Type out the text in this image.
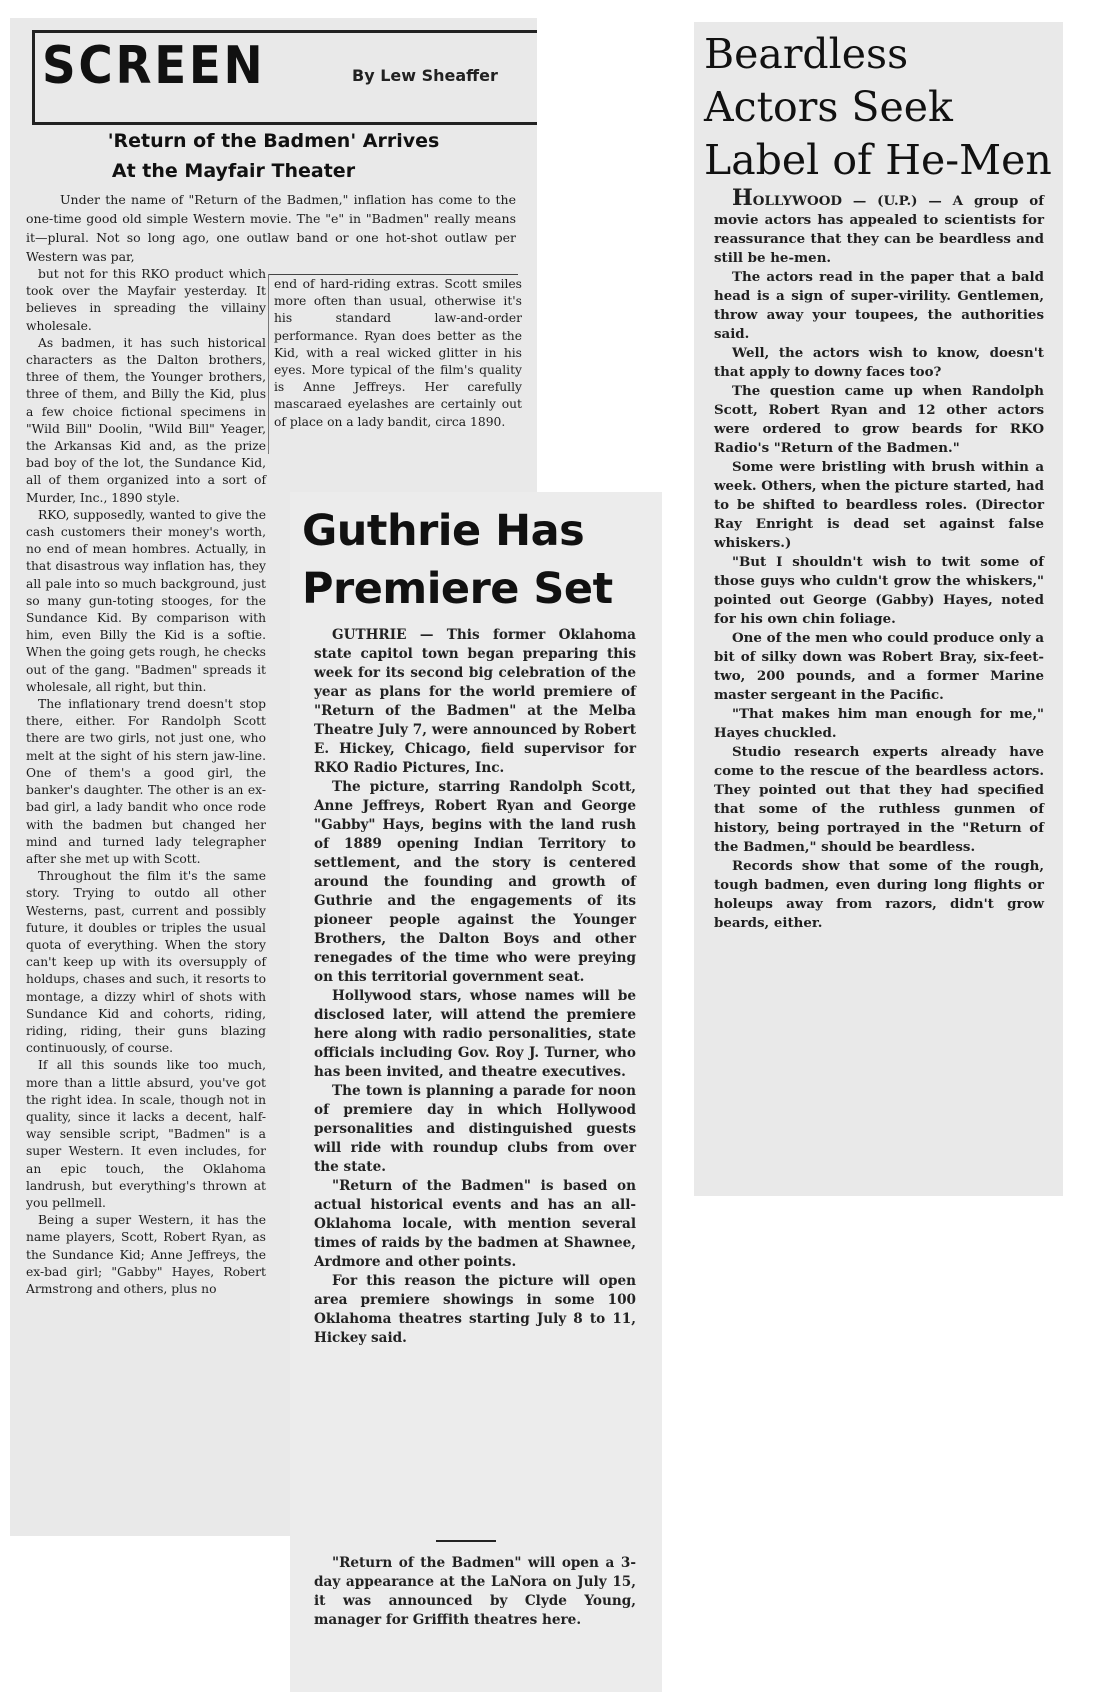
SCREEN	By Lew Sheaffer
'Return of the Badmen' Arrives
At the Mayfair Theater

Under the name of "Return of the Badmen," inflation has come to the one-time good old simple Western movie. The "e" in "Badmen" really means it—plural. Not so long ago, one outlaw band or one hot-shot outlaw per Western was par,

but not for this RKO product which took over the Mayfair yesterday. It believes in spreading the villainy wholesale.

As badmen, it has such historical characters as the Dalton brothers, three of them, the Younger brothers, three of them, and Billy the Kid, plus a few choice fictional specimens in "Wild Bill" Doolin, "Wild Bill" Yeager, the Arkansas Kid and, as the prize bad boy of the lot, the Sundance Kid, all of them organized into a sort of Murder, Inc., 1890 style.

RKO, supposedly, wanted to give the cash customers their money's worth, no end of mean hombres. Actually, in that disastrous way inflation has, they all pale into so much background, just so many gun-toting stooges, for the Sundance Kid. By comparison with him, even Billy the Kid is a softie. When the going gets rough, he checks out of the gang. "Badmen" spreads it wholesale, all right, but thin.

The inflationary trend doesn't stop there, either. For Randolph Scott there are two girls, not just one, who melt at the sight of his stern jaw-line. One of them's a good girl, the banker's daughter. The other is an ex-bad girl, a lady bandit who once rode with the badmen but changed her mind and turned lady telegrapher after she met up with Scott.

Throughout the film it's the same story. Trying to outdo all other Westerns, past, current and possibly future, it doubles or triples the usual quota of everything. When the story can't keep up with its oversupply of holdups, chases and such, it resorts to montage, a dizzy whirl of shots with Sundance Kid and cohorts, riding, riding, riding, their guns blazing continuously, of course.

If all this sounds like too much, more than a little absurd, you've got the right idea. In scale, though not in quality, since it lacks a decent, half-way sensible script, "Badmen" is a super Western. It even includes, for an epic touch, the Oklahoma landrush, but everything's thrown at you pellmell.

Being a super Western, it has the name players, Scott, Robert Ryan, as the Sundance Kid; Anne Jeffreys, the ex-bad girl; "Gabby" Hayes, Robert Armstrong and others, plus no

end of hard-riding extras. Scott smiles more often than usual, otherwise it's his standard law-and-order performance. Ryan does better as the Kid, with a real wicked glitter in his eyes. More typical of the film's quality is Anne Jeffreys. Her carefully mascaraed eyelashes are certainly out of place on a lady bandit, circa 1890.

Guthrie Has Premiere Set

GUTHRIE — This former Oklahoma state capitol town began preparing this week for its second big celebration of the year as plans for the world premiere of "Return of the Badmen" at the Melba Theatre July 7, were announced by Robert E. Hickey, Chicago, field supervisor for RKO Radio Pictures, Inc.

The picture, starring Randolph Scott, Anne Jeffreys, Robert Ryan and George "Gabby" Hays, begins with the land rush of 1889 opening Indian Territory to settlement, and the story is centered around the founding and growth of Guthrie and the engagements of its pioneer people against the Younger Brothers, the Dalton Boys and other renegades of the time who were preying on this territorial government seat.

Hollywood stars, whose names will be disclosed later, will attend the premiere here along with radio personalities, state officials including Gov. Roy J. Turner, who has been invited, and theatre executives.

The town is planning a parade for noon of premiere day in which Hollywood personalities and distinguished guests will ride with roundup clubs from over the state.

"Return of the Badmen" is based on actual historical events and has an all-Oklahoma locale, with mention several times of raids by the badmen at Shawnee, Ardmore and other points.

For this reason the picture will open area premiere showings in some 100 Oklahoma theatres starting July 8 to 11, Hickey said.

"Return of the Badmen" will open a 3-day appearance at the LaNora on July 15, it was announced by Clyde Young, manager for Griffith theatres here.

Beardless Actors Seek Label of He-Men

HOLLYWOOD — (U.P.) — A group of movie actors has appealed to scientists for reassurance that they can be beardless and still be he-men.

The actors read in the paper that a bald head is a sign of super-virility. Gentlemen, throw away your toupees, the authorities said.

Well, the actors wish to know, doesn't that apply to downy faces too?

The question came up when Randolph Scott, Robert Ryan and 12 other actors were ordered to grow beards for RKO Radio's "Return of the Badmen."

Some were bristling with brush within a week. Others, when the picture started, had to be shifted to beardless roles. (Director Ray Enright is dead set against false whiskers.)

"But I shouldn't wish to twit some of those guys who culdn't grow the whiskers," pointed out George (Gabby) Hayes, noted for his own chin foliage.

One of the men who could produce only a bit of silky down was Robert Bray, six-feet-two, 200 pounds, and a former Marine master sergeant in the Pacific.

"That makes him man enough for me," Hayes chuckled.

Studio research experts already have come to the rescue of the beardless actors. They pointed out that they had specified that some of the ruthless gunmen of history, being portrayed in the "Return of the Badmen," should be beardless.

Records show that some of the rough, tough badmen, even during long flights or holeups away from razors, didn't grow beards, either.
